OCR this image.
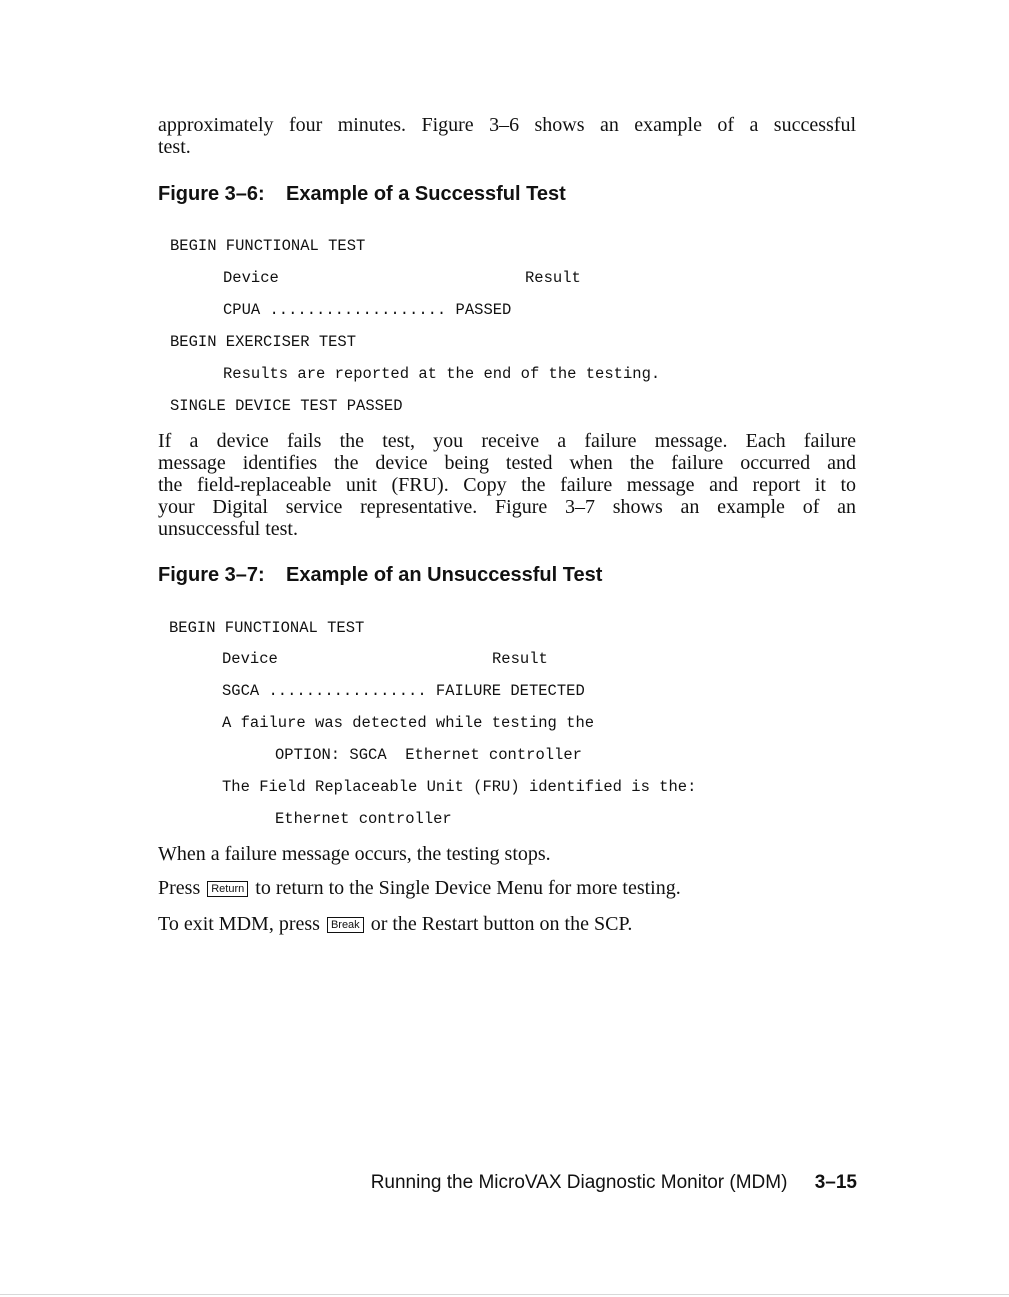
approximately four minutes. Figure 3–6 shows an example of a successful
test.
Figure 3–6: Example of a Successful Test
BEGIN FUNCTIONAL TEST
Device	Result
CPUA ................... PASSED
BEGIN EXERCISER TEST
Results are reported at the end of the testing.
SINGLE DEVICE TEST PASSED
If a device fails the test, you receive a failure message. Each failure
message identifies the device being tested when the failure occurred and
the field-replaceable unit (FRU). Copy the failure message and report it to
your Digital service representative. Figure 3–7 shows an example of an
unsuccessful test.
Figure 3–7: Example of an Unsuccessful Test
BEGIN FUNCTIONAL TEST
Device	Result
SGCA ................. FAILURE DETECTED
A failure was detected while testing the
OPTION: SGCA  Ethernet controller
The Field Replaceable Unit (FRU) identified is the:
Ethernet controller
When a failure message occurs, the testing stops.
Press Return to return to the Single Device Menu for more testing.
To exit MDM, press Break or the Restart button on the SCP.
Running the MicroVAX Diagnostic Monitor (MDM) 3–15
